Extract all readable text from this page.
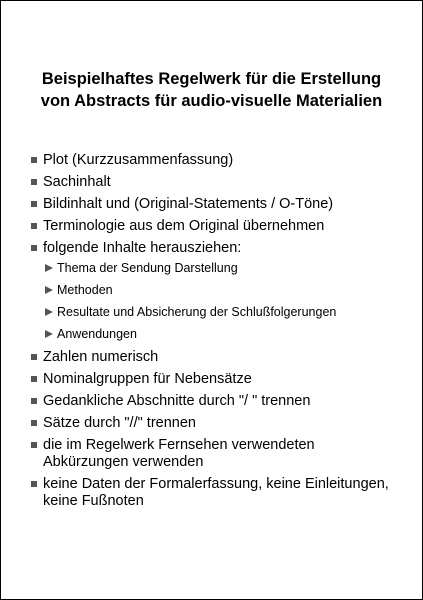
Beispielhaftes Regelwerk für die Erstellung
von Abstracts für audio-visuelle Materialien
Plot (Kurzzusammenfassung)
Sachinhalt
Bildinhalt und (Original-Statements / O-Töne)
Terminologie aus dem Original übernehmen
folgende Inhalte herausziehen:
Thema der Sendung Darstellung
Methoden
Resultate und Absicherung der Schlußfolgerungen
Anwendungen
Zahlen numerisch
Nominalgruppen für Nebensätze
Gedankliche Abschnitte durch "/ " trennen
Sätze durch "//" trennen
die im Regelwerk Fernsehen verwendeten Abkürzungen verwenden
keine Daten der Formalerfassung, keine Einleitungen, keine Fußnoten
